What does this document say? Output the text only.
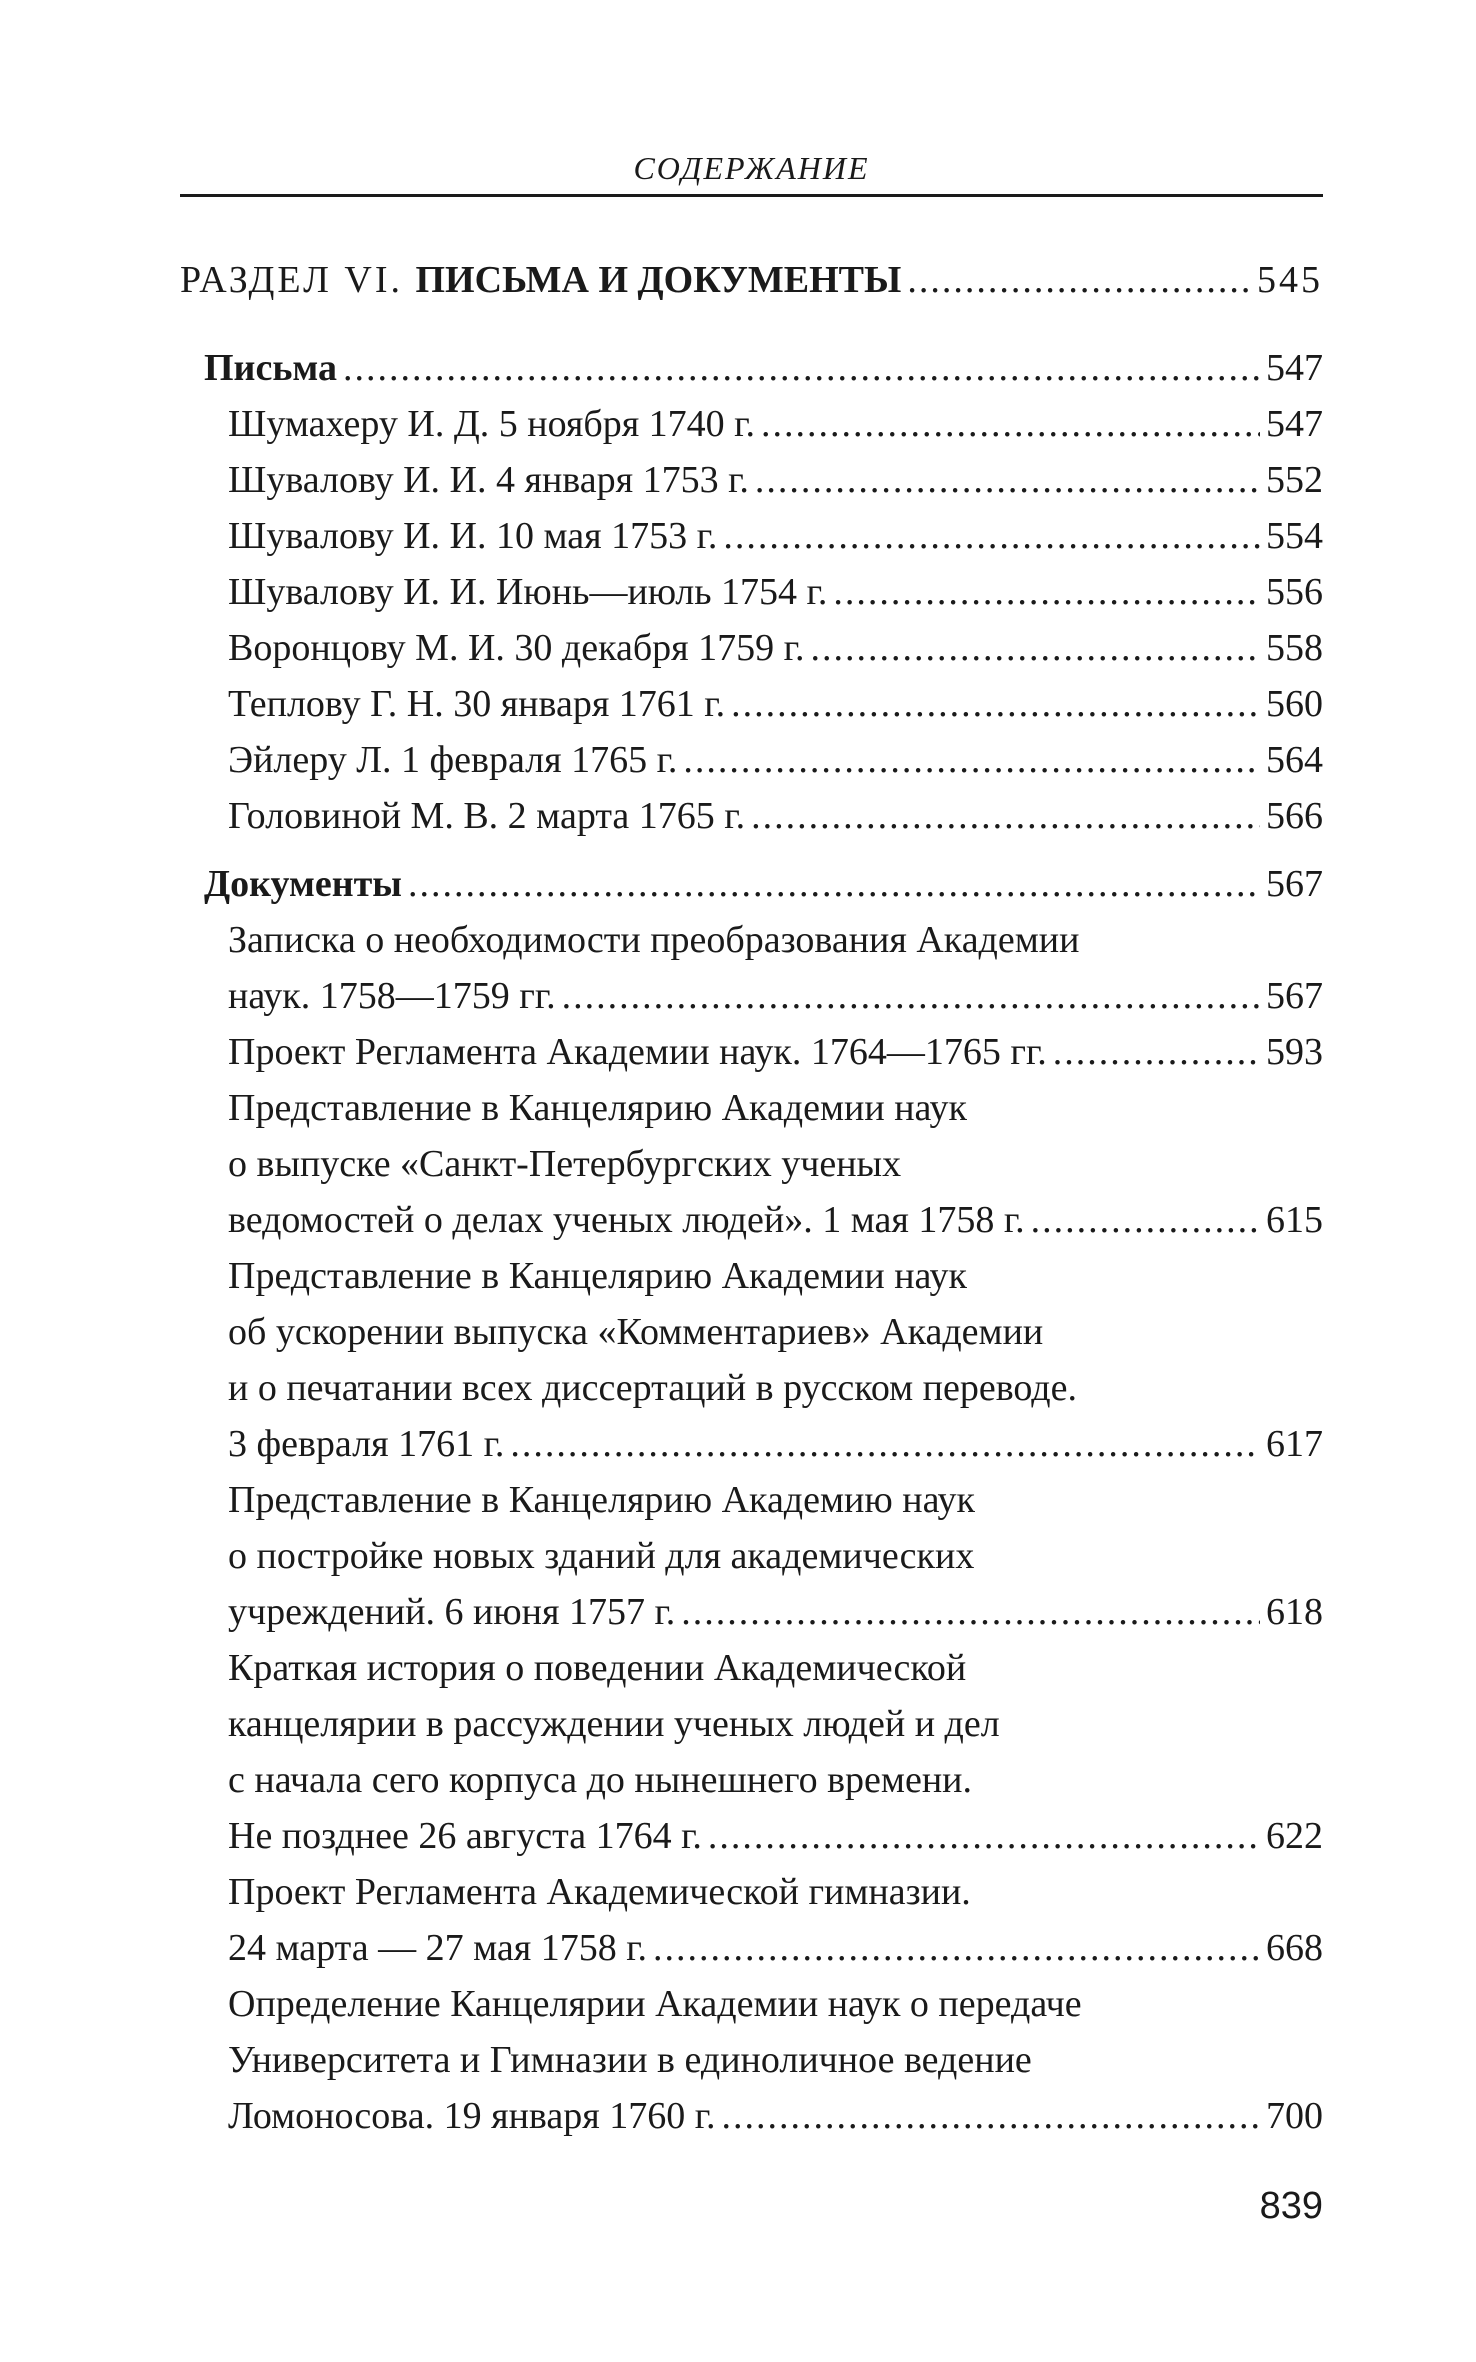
СОДЕРЖАНИЕ
РАЗДЕЛ VI. ПИСЬМА И ДОКУМЕНТЫ .....	545
Письма .....	547
Шумахеру И. Д. 5 ноября 1740 г. .....	547
Шувалову И. И. 4 января 1753 г. .....	552
Шувалову И. И. 10 мая 1753 г. .....	554
Шувалову И. И. Июнь—июль 1754 г. .....	556
Воронцову М. И. 30 декабря 1759 г. .....	558
Теплову Г. Н. 30 января 1761 г. .....	560
Эйлеру Л. 1 февраля 1765 г. .....	564
Головиной М. В. 2 марта 1765 г. .....	566
Документы .....	567
Записка о необходимости преобразования Академии
наук. 1758—1759 гг. .....	567
Проект Регламента Академии наук. 1764—1765 гг. .....	593
Представление в Канцелярию Академии наук
о выпуске «Санкт-Петербургских ученых
ведомостей о делах ученых людей». 1 мая 1758 г. .....	615
Представление в Канцелярию Академии наук
об ускорении выпуска «Комментариев» Академии
и о печатании всех диссертаций в русском переводе.
3 февраля 1761 г. .....	617
Представление в Канцелярию Академию наук
о постройке новых зданий для академических
учреждений. 6 июня 1757 г. .....	618
Краткая история о поведении Академической
канцелярии в рассуждении ученых людей и дел
с начала сего корпуса до нынешнего времени.
Не позднее 26 августа 1764 г. .....	622
Проект Регламента Академической гимназии.
24 марта — 27 мая 1758 г. .....	668
Определение Канцелярии Академии наук о передаче
Университета и Гимназии в единоличное ведение
Ломоносова. 19 января 1760 г. .....	700
839
